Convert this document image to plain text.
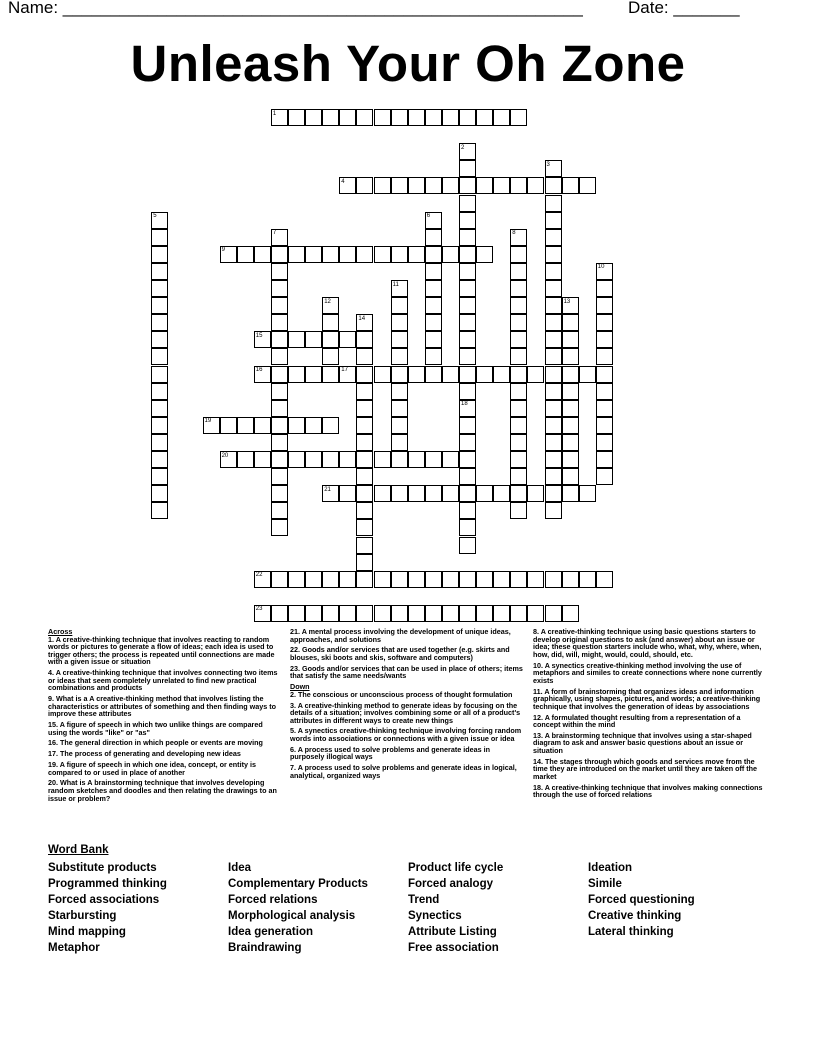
Name: _______________________________________________________	Date: _______
Unleash Your Oh Zone
1
2
3
4
5	6
7	8
9
10
11
12	13
14
15
16	17
18
19
20
21
22
23
Across
1. A creative-thinking technique that involves reacting to random words or pictures to generate a flow of ideas; each idea is used to trigger others; the process is repeated until connections are made with a given issue or situation
4. A creative-thinking technique that involves connecting two items or ideas that seem completely unrelated to find new practical combinations and products
9. What is a A creative-thinking method that involves listing the characteristics or attributes of something and then finding ways to improve these attributes
15. A figure of speech in which two unlike things are compared using the words "like" or "as"
16. The general direction in which people or events are moving
17. The process of generating and developing new ideas
19. A figure of speech in which one idea, concept, or entity is compared to or used in place of another
20. What is A brainstorming technique that involves developing random sketches and doodles and then relating the drawings to an issue or problem?
21. A mental process involving the development of unique ideas, approaches, and solutions
22. Goods and/or services that are used together (e.g. skirts and blouses, ski boots and skis, software and computers)
23. Goods and/or services that can be used in place of others; items that satisfy the same needs/wants
Down
2. The conscious or unconscious process of thought formulation
3. A creative-thinking method to generate ideas by focusing on the details of a situation; involves combining some or all of a product's attributes in different ways to create new things
5. A synectics creative-thinking technique involving forcing random words into associations or connections with a given issue or idea
6. A process used to solve problems and generate ideas in purposely illogical ways
7. A process used to solve problems and generate ideas in logical, analytical, organized ways
8. A creative-thinking technique using basic questions starters to develop original questions to ask (and answer) about an issue or idea; these question starters include who, what, why, where, when, how, did, will, might, would, could, should, etc.
10. A synectics creative-thinking method involving the use of metaphors and similes to create connections where none currently exists
11. A form of brainstorming that organizes ideas and information graphically, using shapes, pictures, and words; a creative-thinking technique that involves the generation of ideas by associations
12. A formulated thought resulting from a representation of a concept within the mind
13. A brainstorming technique that involves using a star-shaped diagram to ask and answer basic questions about an issue or situation
14. The stages through which goods and services move from the time they are introduced on the market until they are taken off the market
18. A creative-thinking technique that involves making connections through the use of forced relations
Word Bank
Substitute products
Programmed thinking
Forced associations
Starbursting
Mind mapping
Metaphor
Idea
Complementary Products
Forced relations
Morphological analysis
Idea generation
Braindrawing
Product life cycle
Forced analogy
Trend
Synectics
Attribute Listing
Free association
Ideation
Simile
Forced questioning
Creative thinking
Lateral thinking
